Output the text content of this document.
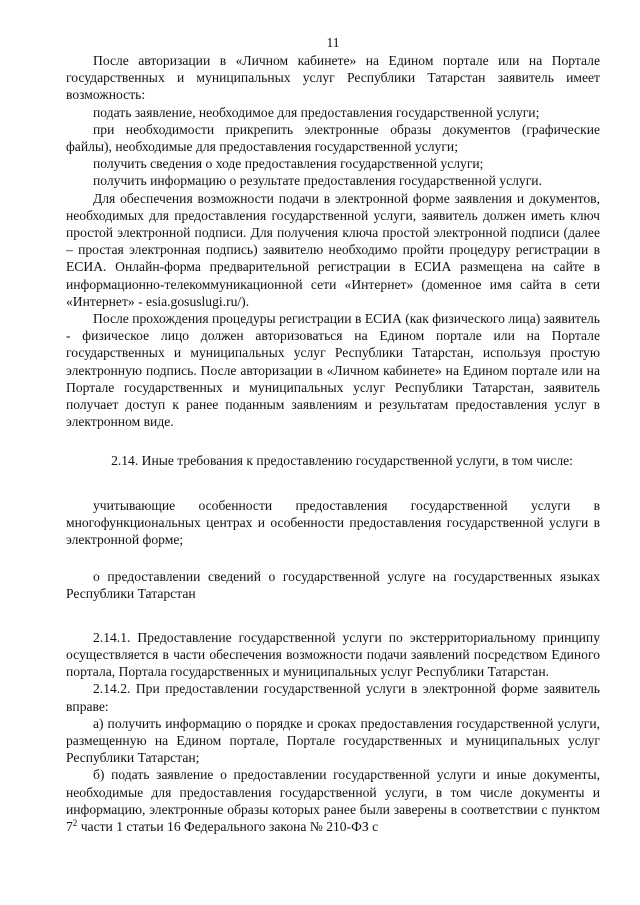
11

После авторизации в «Личном кабинете» на Едином портале или на Портале государственных и муниципальных услуг Республики Татарстан заявитель имеет возможность:

подать заявление, необходимое для предоставления государственной услуги;

при необходимости прикрепить электронные образы документов (графические файлы), необходимые для предоставления государственной услуги;

получить сведения о ходе предоставления государственной услуги;

получить информацию о результате предоставления государственной услуги.

Для обеспечения возможности подачи в электронной форме заявления и документов, необходимых для предоставления государственной услуги, заявитель должен иметь ключ простой электронной подписи. Для получения ключа простой электронной подписи (далее – простая электронная подпись) заявителю необходимо пройти процедуру регистрации в ЕСИА. Онлайн-форма предварительной регистрации в ЕСИА размещена на сайте в информационно-телекоммуникационной сети «Интернет» (доменное имя сайта в сети «Интернет» - esia.gosuslugi.ru/).

После прохождения процедуры регистрации в ЕСИА (как физического лица) заявитель - физическое лицо должен авторизоваться на Едином портале или на Портале государственных и муниципальных услуг Республики Татарстан, используя простую электронную подпись. После авторизации в «Личном кабинете» на Едином портале или на Портале государственных и муниципальных услуг Республики Татарстан, заявитель получает доступ к ранее поданным заявлениям и результатам предоставления услуг в электронном виде.

2.14. Иные требования к предоставлению государственной услуги, в том числе:

учитывающие особенности предоставления государственной услуги в многофункциональных центрах и особенности предоставления государственной услуги в электронной форме;

о предоставлении сведений о государственной услуге на государственных языках Республики Татарстан

2.14.1. Предоставление государственной услуги по экстерриториальному принципу осуществляется в части обеспечения возможности подачи заявлений посредством Единого портала, Портала государственных и муниципальных услуг Республики Татарстан.

2.14.2. При предоставлении государственной услуги в электронной форме заявитель вправе:

а) получить информацию о порядке и сроках предоставления государственной услуги, размещенную на Едином портале, Портале государственных и муниципальных услуг Республики Татарстан;

б) подать заявление о предоставлении государственной услуги и иные документы, необходимые для предоставления государственной услуги, в том числе документы и информацию, электронные образы которых ранее были заверены в соответствии с пунктом $7^2$ части 1 статьи 16 Федерального закона № 210-ФЗ с
